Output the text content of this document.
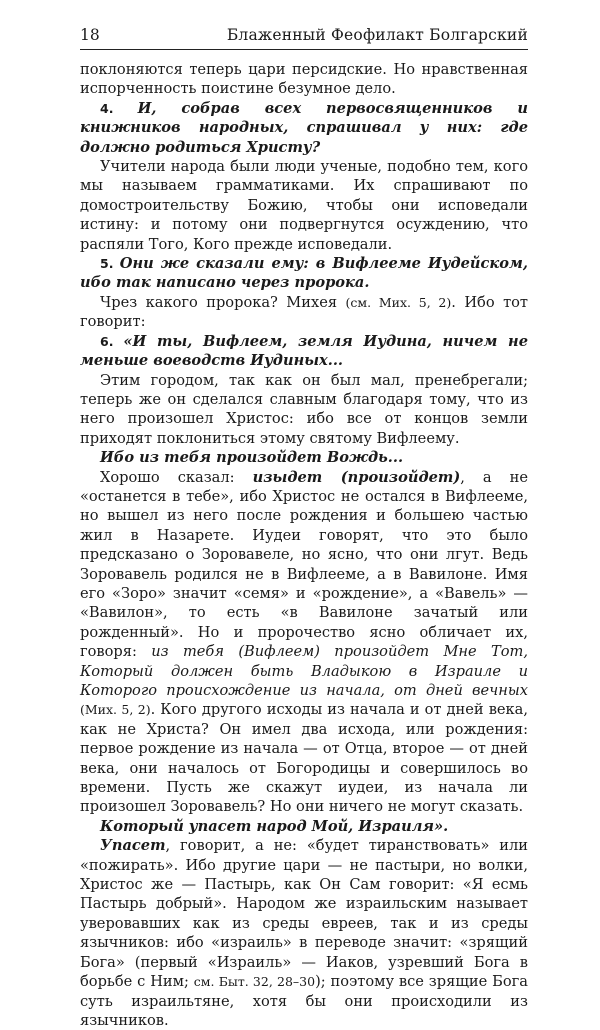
18	Блаженный Феофилакт Болгарский

поклоняются теперь цари персидские. Но нравственная испорченность поистине безумное дело.

4. И, собрав всех первосвященников и книжников народных, спрашивал у них: где должно родиться Христу?

Учители народа были люди ученые, подобно тем, кого мы называем грамматиками. Их спрашивают по домостроительству Божию, чтобы они исповедали истину: и потому они подвергнутся осуждению, что распяли Того, Кого прежде исповедали.

5. Они же сказали ему: в Вифлееме Иудейском, ибо так написано через пророка.

Чрез какого пророка? Михея (см. Мих. 5, 2). Ибо тот говорит:

6. «И ты, Вифлеем, земля Иудина, ничем не меньше воеводств Иудиных...

Этим городом, так как он был мал, пренебрегали; теперь же он сделался славным благодаря тому, что из него произошел Христос: ибо все от концов земли приходят поклониться этому святому Вифлеему.

Ибо из тебя произойдет Вождь...

Хорошо сказал: изыдет (произойдет), а не «останется в тебе», ибо Христос не остался в Вифлееме, но вышел из него после рождения и большею частью жил в Назарете. Иудеи говорят, что это было предсказано о Зоровавеле, но ясно, что они лгут. Ведь Зоровавель родился не в Вифлееме, а в Вавилоне. Имя его «Зоро» значит «семя» и «рождение», а «Вавель» — «Вавилон», то есть «в Вавилоне зачатый или рожденный». Но и пророчество ясно обличает их, говоря: из тебя (Вифлеем) произойдет Мне Тот, Который должен быть Владыкою в Израиле и Которого происхождение из начала, от дней вечных (Мих. 5, 2). Кого другого исходы из начала и от дней века, как не Христа? Он имел два исхода, или рождения: первое рождение из начала — от Отца, второе — от дней века, они началось от Богородицы и совершилось во времени. Пусть же скажут иудеи, из начала ли произошел Зоровавель? Но они ничего не могут сказать.

Который упасет народ Мой, Израиля».

Упасет, говорит, а не: «будет тиранствовать» или «пожирать». Ибо другие цари — не пастыри, но волки, Христос же — Пастырь, как Он Сам говорит: «Я есмь Пастырь добрый». Народом же израильским называет уверовавших как из среды евреев, так и из среды язычников: ибо «израиль» в переводе значит: «зрящий Бога» (первый «Израиль» — Иаков, узревший Бога в борьбе с Ним; см. Быт. 32, 28–30); поэтому все зрящие Бога суть израильтяне, хотя бы они происходили из язычников.
